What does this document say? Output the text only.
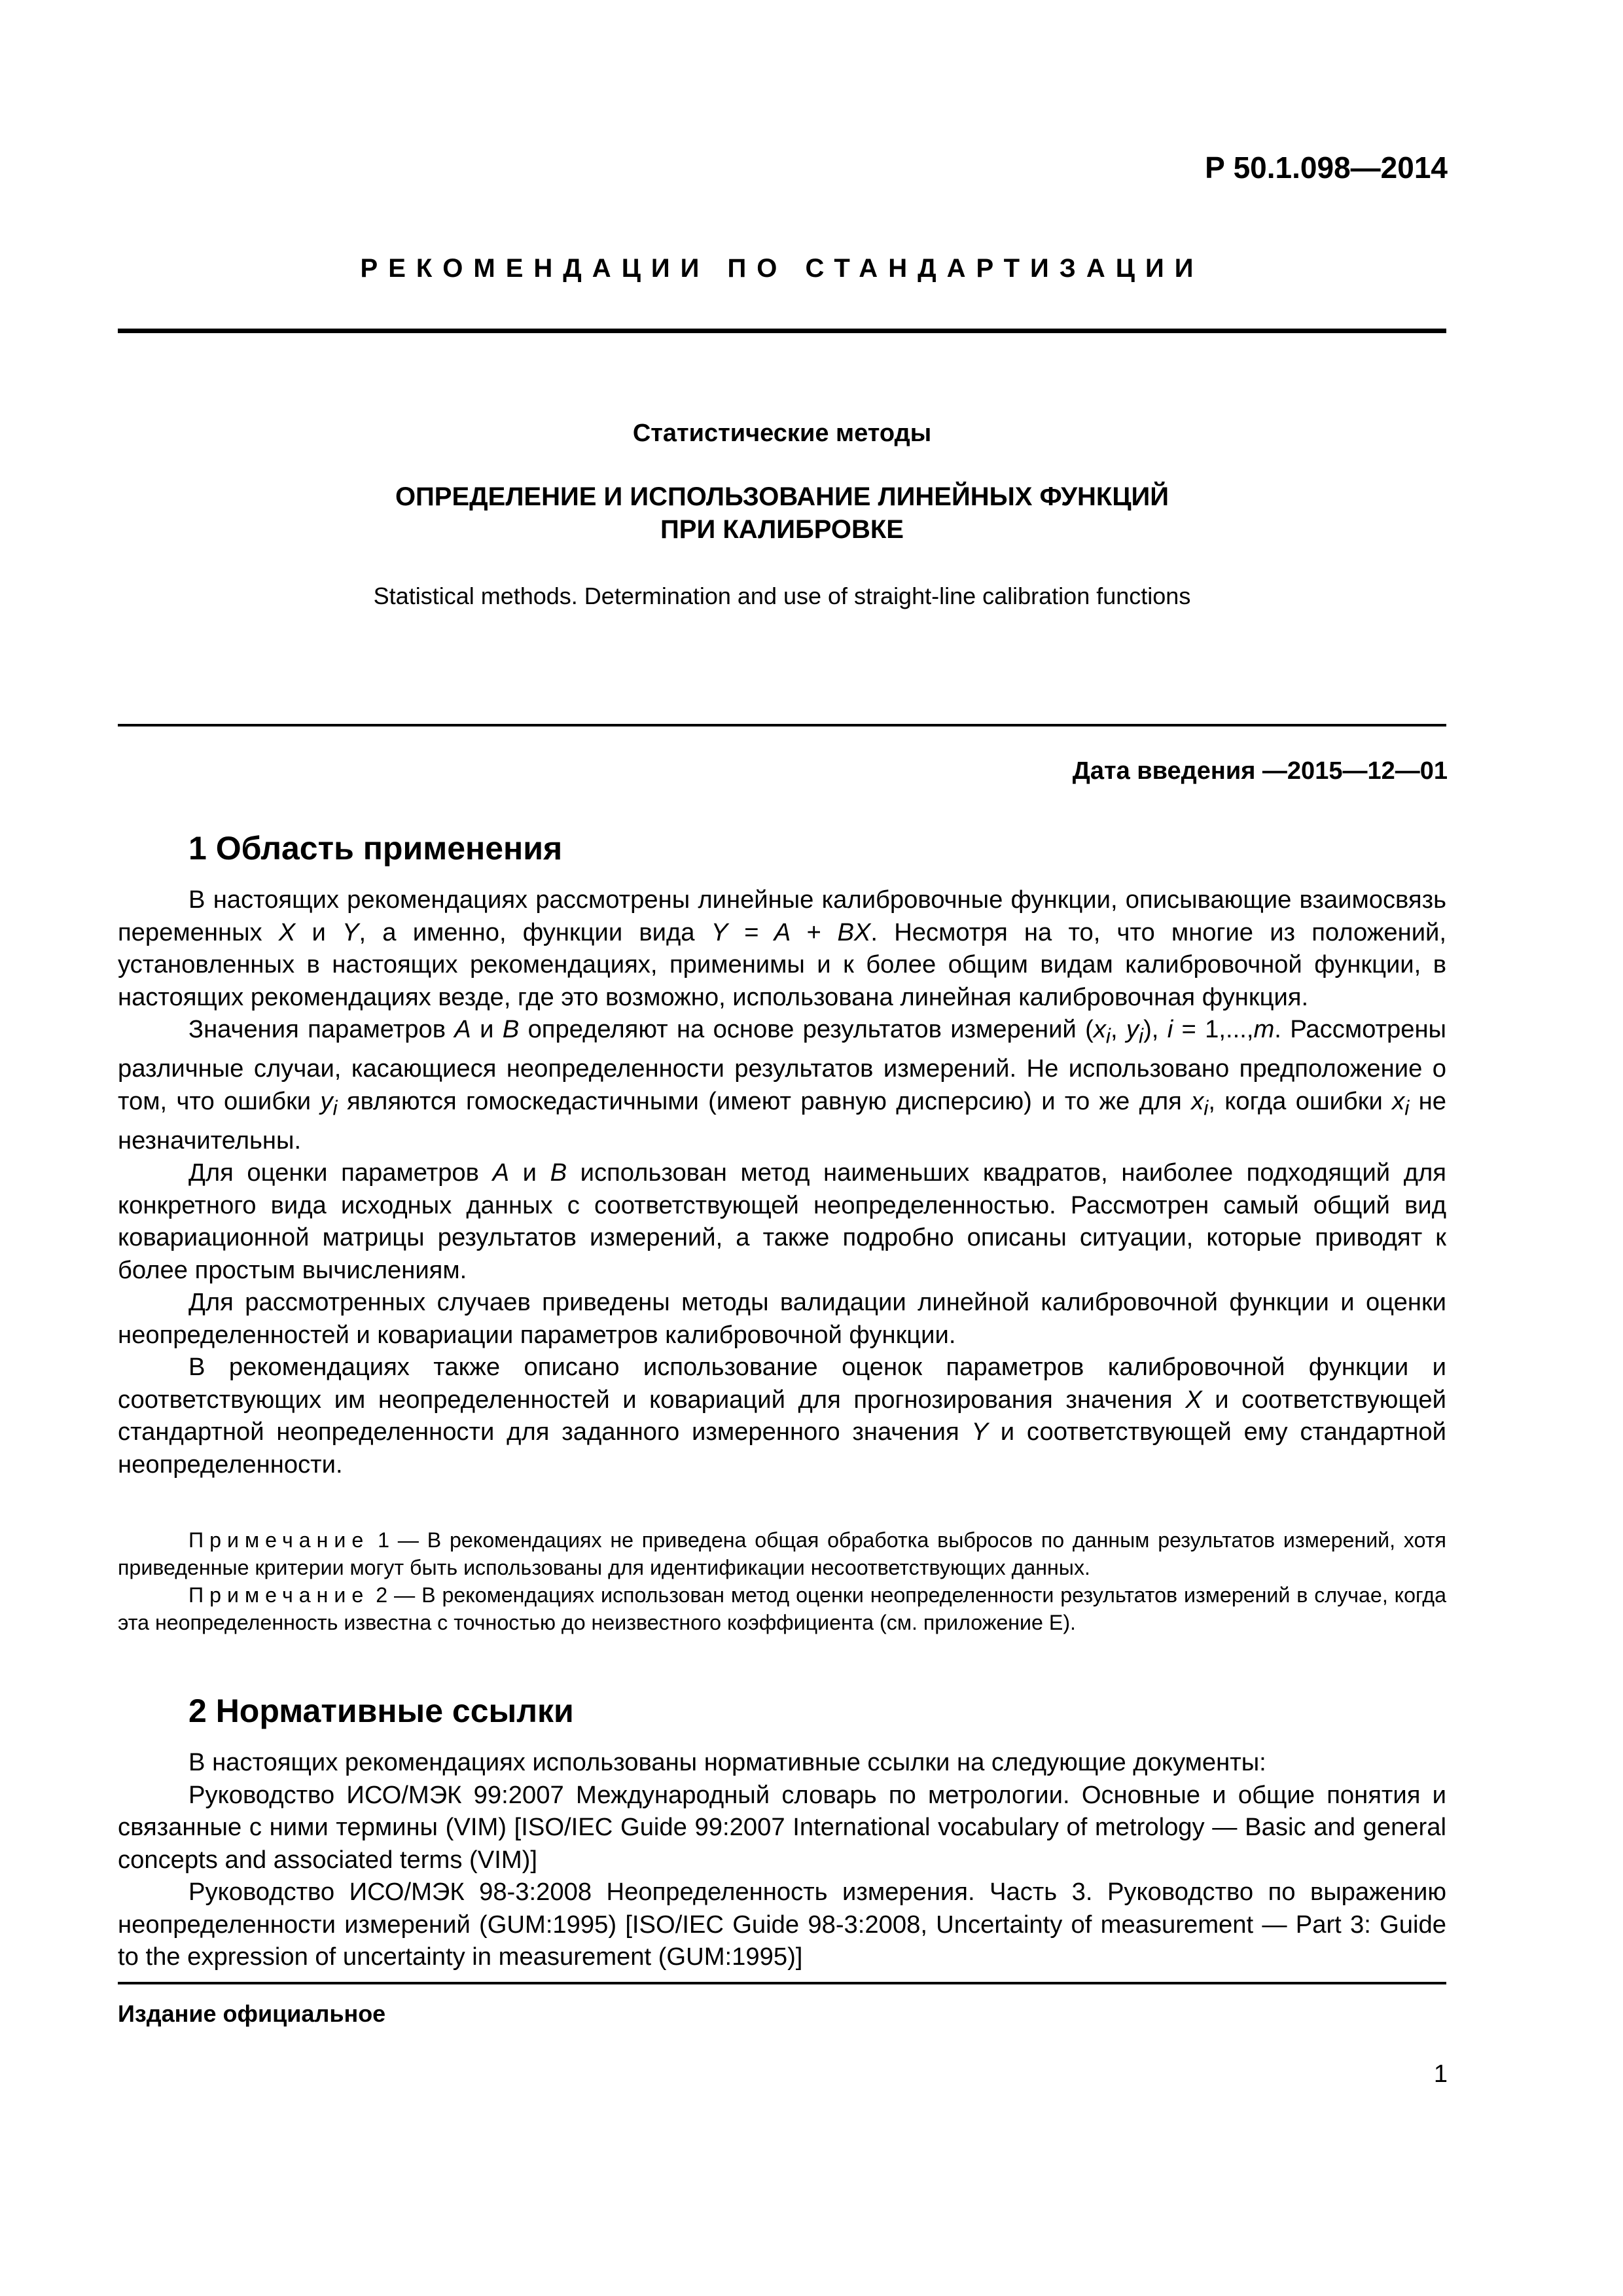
Р 50.1.098—2014
РЕКОМЕНДАЦИИ ПО СТАНДАРТИЗАЦИИ
Статистические методы
ОПРЕДЕЛЕНИЕ И ИСПОЛЬЗОВАНИЕ ЛИНЕЙНЫХ ФУНКЦИЙ
ПРИ КАЛИБРОВКЕ
Statistical methods. Determination and use of straight-line calibration functions
Дата введения —2015—12—01
1 Область применения

В настоящих рекомендациях рассмотрены линейные калибровочные функции, описывающие взаимосвязь переменных X и Y, а именно, функции вида Y = A + BX. Несмотря на то, что многие из положений, установленных в настоящих рекомендациях, применимы и к более общим видам калибровочной функции, в настоящих рекомендациях везде, где это возможно, использована линейная калибровочная функция.

Значения параметров A и B определяют на основе результатов измерений ($x_i$, $y_i$), i = 1,...,m. Рассмотрены различные случаи, касающиеся неопределенности результатов измерений. Не использовано предположение о том, что ошибки $y_i$ являются гомоскедастичными (имеют равную дисперсию) и то же для $x_i$, когда ошибки $x_i$ не незначительны.

Для оценки параметров A и B использован метод наименьших квадратов, наиболее подходящий для конкретного вида исходных данных с соответствующей неопределенностью. Рассмотрен самый общий вид ковариационной матрицы результатов измерений, а также подробно описаны ситуации, которые приводят к более простым вычислениям.

Для рассмотренных случаев приведены методы валидации линейной калибровочной функции и оценки неопределенностей и ковариации параметров калибровочной функции.

В рекомендациях также описано использование оценок параметров калибровочной функции и соответствующих им неопределенностей и ковариаций для прогнозирования значения X и соответствующей стандартной неопределенности для заданного измеренного значения Y и соответствующей ему стандартной неопределенности.

Примечание 1 — В рекомендациях не приведена общая обработка выбросов по данным результатов измерений, хотя приведенные критерии могут быть использованы для идентификации несоответствующих данных.

Примечание 2 — В рекомендациях использован метод оценки неопределенности результатов измерений в случае, когда эта неопределенность известна с точностью до неизвестного коэффициента (см. приложение Е).

2 Нормативные ссылки

В настоящих рекомендациях использованы нормативные ссылки на следующие документы:

Руководство ИСО/МЭК 99:2007 Международный словарь по метрологии. Основные и общие понятия и связанные с ними термины (VIM) [ISO/IEC Guide 99:2007 International vocabulary of metrology — Basic and general concepts and associated terms (VIM)]

Руководство ИСО/МЭК 98-3:2008 Неопределенность измерения. Часть 3. Руководство по выражению неопределенности измерений (GUM:1995) [ISO/IEC Guide 98-3:2008, Uncertainty of measurement — Part 3: Guide to the expression of uncertainty in measurement (GUM:1995)]

Издание официальное
1
